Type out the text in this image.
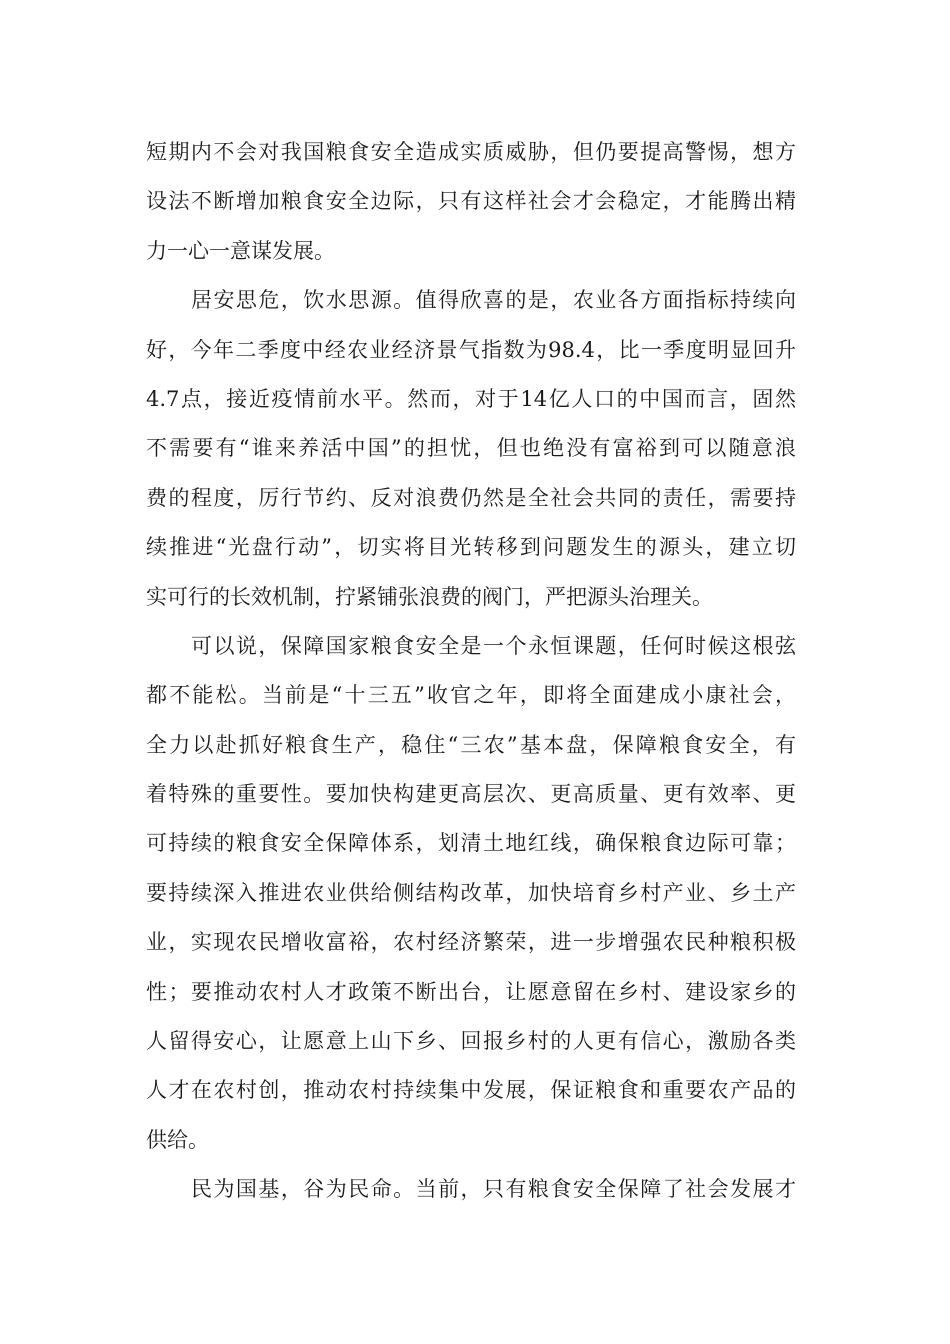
短期内不会对我国粮食安全造成实质威胁，但仍要提高警惕，想方
设法不断增加粮食安全边际，只有这样社会才会稳定，才能腾出精
力一心一意谋发展。
居安思危，饮水思源。值得欣喜的是，农业各方面指标持续向
好，今年二季度中经农业经济景气指数为98.4，比一季度明显回升
4.7点，接近疫情前水平。然而，对于14亿人口的中国而言，固然
不需要有“谁来养活中国”的担忧，但也绝没有富裕到可以随意浪
费的程度，厉行节约、反对浪费仍然是全社会共同的责任，需要持
续推进“光盘行动”，切实将目光转移到问题发生的源头，建立切
实可行的长效机制，拧紧铺张浪费的阀门，严把源头治理关。
可以说，保障国家粮食安全是一个永恒课题，任何时候这根弦
都不能松。当前是“十三五”收官之年，即将全面建成小康社会，
全力以赴抓好粮食生产，稳住“三农”基本盘，保障粮食安全，有
着特殊的重要性。要加快构建更高层次、更高质量、更有效率、更
可持续的粮食安全保障体系，划清土地红线，确保粮食边际可靠；
要持续深入推进农业供给侧结构改革，加快培育乡村产业、乡土产
业，实现农民增收富裕，农村经济繁荣，进一步增强农民种粮积极
性；要推动农村人才政策不断出台，让愿意留在乡村、建设家乡的
人留得安心，让愿意上山下乡、回报乡村的人更有信心，激励各类
人才在农村创，推动农村持续集中发展，保证粮食和重要农产品的
供给。
民为国基，谷为民命。当前，只有粮食安全保障了社会发展才
